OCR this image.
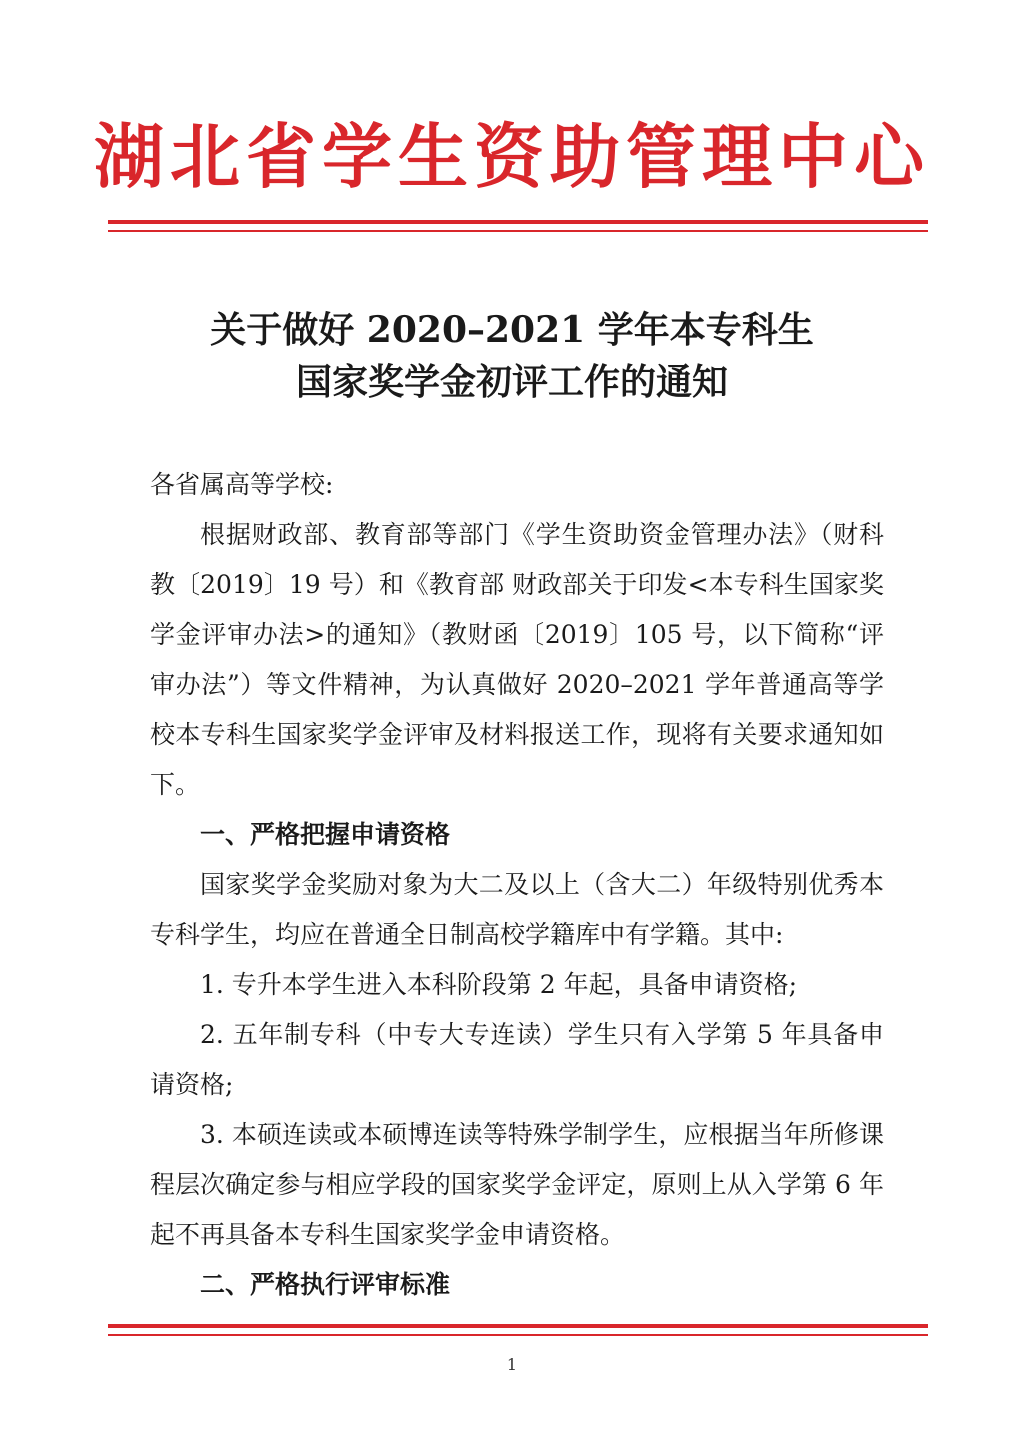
湖北省学生资助管理中心
关于做好 2020–2021 学年本专科生
国家奖学金初评工作的通知

各省属高等学校:

根据财政部、教育部等部门《学生资助资金管理办法》（财科教〔2019〕19 号）和《教育部 财政部关于印发<本专科生国家奖学金评审办法>的通知》（教财函〔2019〕105 号，以下简称“评审办法”）等文件精神，为认真做好 2020–2021 学年普通高等学校本专科生国家奖学金评审及材料报送工作，现将有关要求通知如下。

一、严格把握申请资格

国家奖学金奖励对象为大二及以上（含大二）年级特别优秀本专科学生，均应在普通全日制高校学籍库中有学籍。其中:

1. 专升本学生进入本科阶段第 2 年起，具备申请资格;

2. 五年制专科（中专大专连读）学生只有入学第 5 年具备申请资格;

3. 本硕连读或本硕博连读等特殊学制学生，应根据当年所修课程层次确定参与相应学段的国家奖学金评定，原则上从入学第 6 年起不再具备本专科生国家奖学金申请资格。

二、严格执行评审标准

1
